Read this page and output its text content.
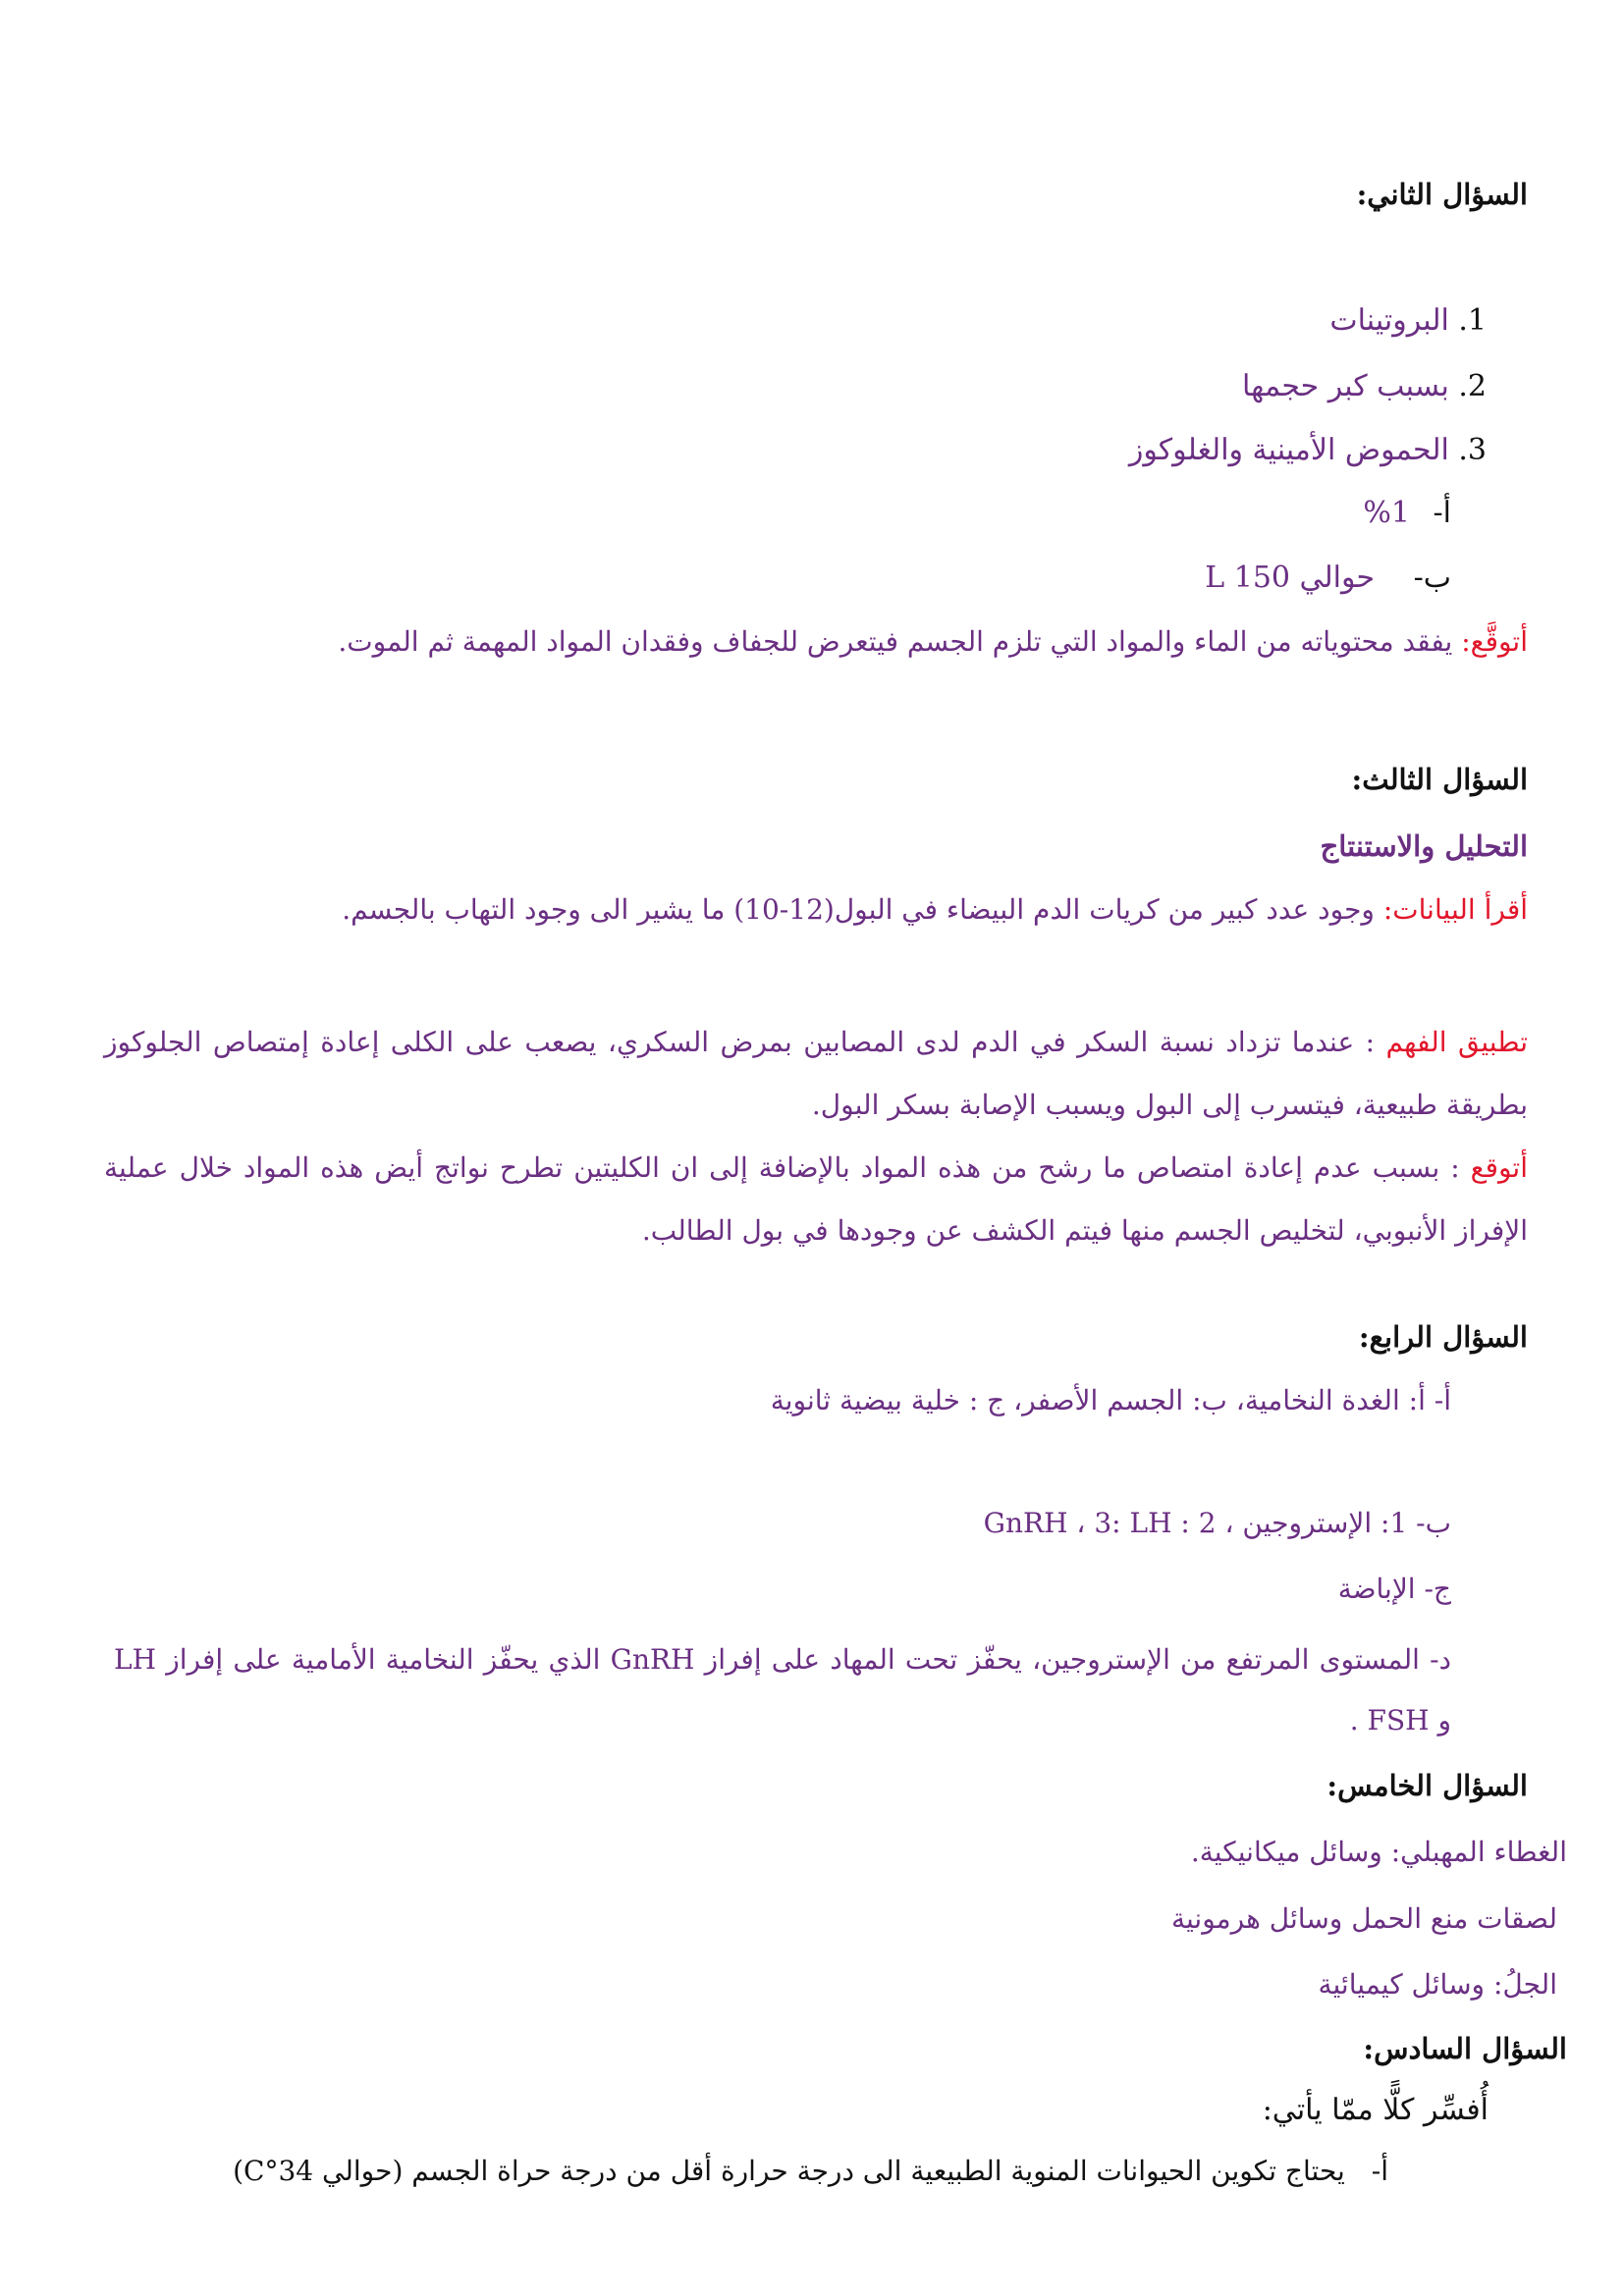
السؤال الثاني:
1. البروتينات
2. بسبب كبر حجمها
3. الحموض الأمينية والغلوكوز
أ- 1%
ب- حوالي 150 L
أتوقَّع: يفقد محتوياته من الماء والمواد التي تلزم الجسم فيتعرض للجفاف وفقدان المواد المهمة ثم الموت.
السؤال الثالث:
التحليل والاستنتاج
أقرأ البيانات: وجود عدد كبير من كريات الدم البيضاء في البول(12-10) ما يشير الى وجود التهاب بالجسم.
تطبيق الفهم : عندما تزداد نسبة السكر في الدم لدى المصابين بمرض السكري، يصعب على الكلى إعادة إمتصاص الجلوكوز بطريقة طبيعية، فيتسرب إلى البول ويسبب الإصابة بسكر البول.
أتوقع : بسبب عدم إعادة امتصاص ما رشح من هذه المواد بالإضافة إلى ان الكليتين تطرح نواتج أيض هذه المواد خلال عملية الإفراز الأنبوبي، لتخليص الجسم منها فيتم الكشف عن وجودها في بول الطالب.
السؤال الرابع:
أ- أ: الغدة النخامية، ب: الجسم الأصفر، ج : خلية بيضية ثانوية
ب- 1: الإستروجين ، 2 : GnRH ، 3: LH
ج- الإباضة
د- المستوى المرتفع من الإستروجين، يحفّز تحت المهاد على إفراز GnRH الذي يحفّز النخامية الأمامية على إفراز LH و FSH .
السؤال الخامس:
الغطاء المهبلي: وسائل ميكانيكية.
لصقات منع الحمل وسائل هرمونية
الجلُ: وسائل كيميائية
السؤال السادس:
أُفسِّر كلًّا ممّا يأتي:
أ- يحتاج تكوين الحيوانات المنوية الطبيعية الى درجة حرارة أقل من درجة حراة الجسم (حوالي 34°C)
